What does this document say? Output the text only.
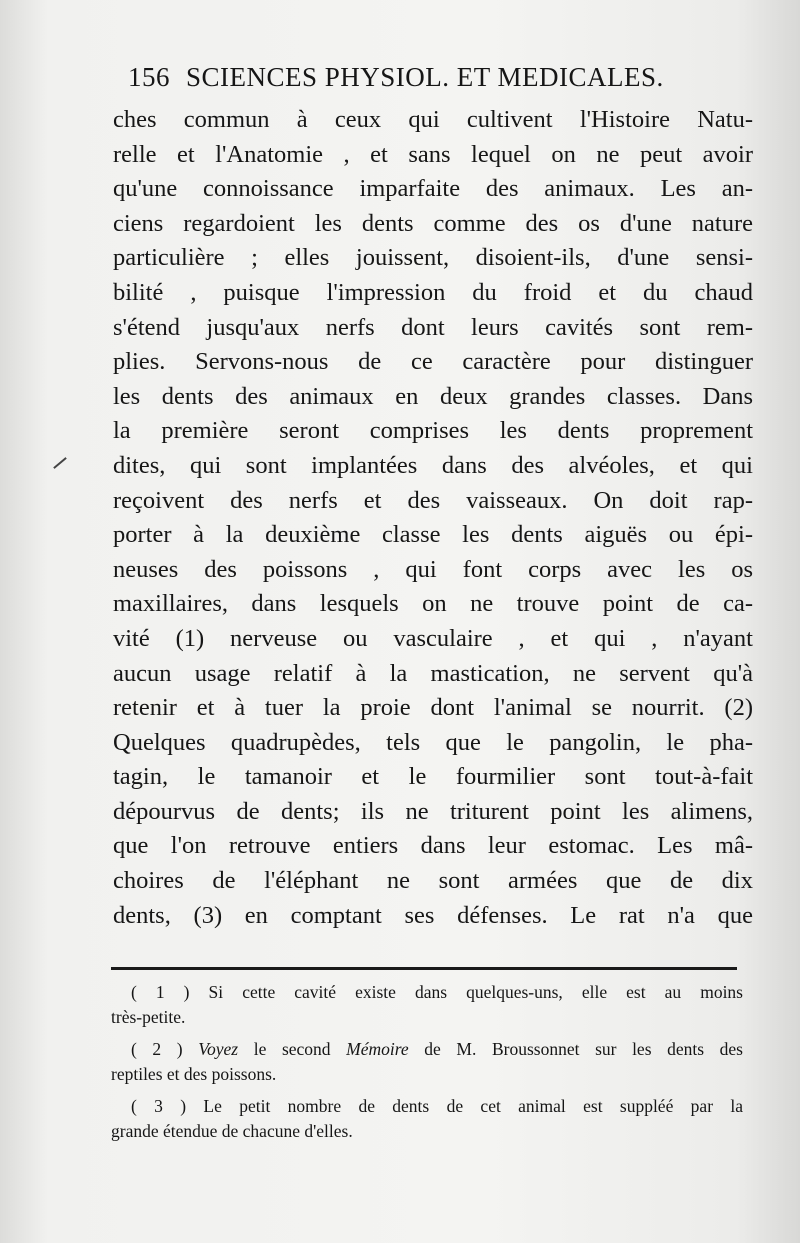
156 SCIENCES PHYSIOL. ET MEDICALES.
ches commun à ceux qui cultivent l'Histoire Natu-
relle et l'Anatomie , et sans lequel on ne peut avoir
qu'une connoissance imparfaite des animaux. Les an-
ciens regardoient les dents comme des os d'une nature
particulière ; elles jouissent, disoient-ils, d'une sensi-
bilité , puisque l'impression du froid et du chaud
s'étend jusqu'aux nerfs dont leurs cavités sont rem-
plies. Servons-nous de ce caractère pour distinguer
les dents des animaux en deux grandes classes. Dans
la première seront comprises les dents proprement
dites, qui sont implantées dans des alvéoles, et qui
reçoivent des nerfs et des vaisseaux. On doit rap-
porter à la deuxième classe les dents aiguës ou épi-
neuses des poissons , qui font corps avec les os
maxillaires, dans lesquels on ne trouve point de ca-
vité (1) nerveuse ou vasculaire , et qui , n'ayant
aucun usage relatif à la mastication, ne servent qu'à
retenir et à tuer la proie dont l'animal se nourrit. (2)
Quelques quadrupèdes, tels que le pangolin, le pha-
tagin, le tamanoir et le fourmilier sont tout-à-fait
dépourvus de dents; ils ne triturent point les alimens,
que l'on retrouve entiers dans leur estomac. Les mâ-
choires de l'éléphant ne sont armées que de dix
dents, (3) en comptant ses défenses. Le rat n'a que
( 1 ) Si cette cavité existe dans quelques-uns, elle est au moins
très-petite.
( 2 ) Voyez le second Mémoire de M. Broussonnet sur les dents des
reptiles et des poissons.
( 3 ) Le petit nombre de dents de cet animal est suppléé par la
grande étendue de chacune d'elles.
